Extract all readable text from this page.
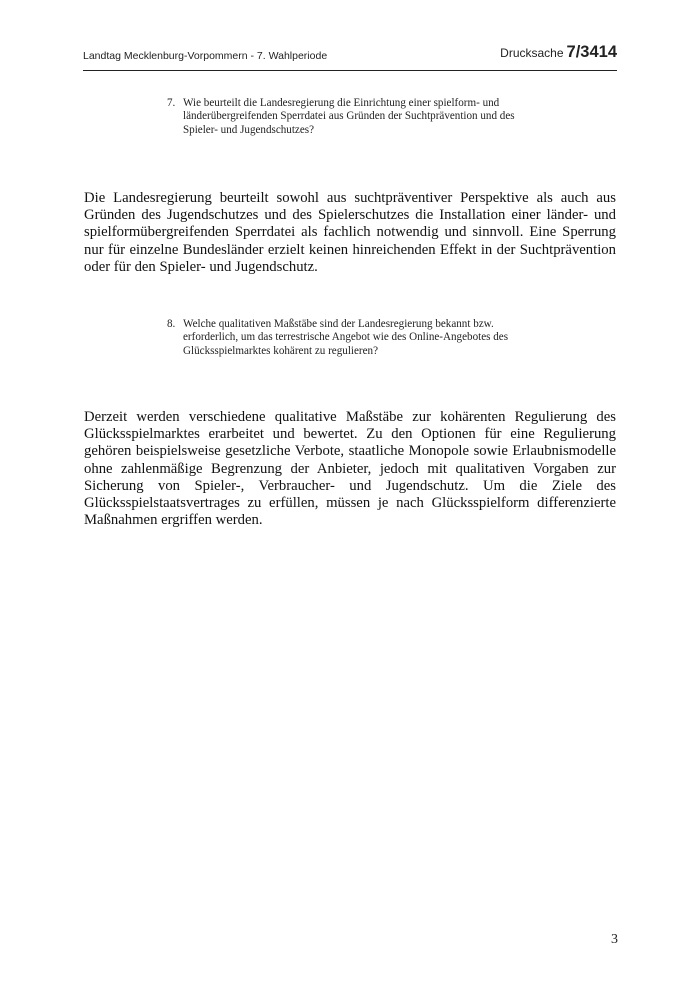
Landtag Mecklenburg-Vorpommern - 7. Wahlperiode	Drucksache 7/3414
7. Wie beurteilt die Landesregierung die Einrichtung einer spielform- und länderübergreifenden Sperrdatei aus Gründen der Suchtprävention und des Spieler- und Jugendschutzes?
Die Landesregierung beurteilt sowohl aus suchtpräventiver Perspektive als auch aus Gründen des Jugendschutzes und des Spielerschutzes die Installation einer länder- und spielformübergreifenden Sperrdatei als fachlich notwendig und sinnvoll. Eine Sperrung nur für einzelne Bundesländer erzielt keinen hinreichenden Effekt in der Suchtprävention oder für den Spieler- und Jugendschutz.
8. Welche qualitativen Maßstäbe sind der Landesregierung bekannt bzw. erforderlich, um das terrestrische Angebot wie des Online-Angebotes des Glücksspielmarktes kohärent zu regulieren?
Derzeit werden verschiedene qualitative Maßstäbe zur kohärenten Regulierung des Glücksspielmarktes erarbeitet und bewertet. Zu den Optionen für eine Regulierung gehören beispielsweise gesetzliche Verbote, staatliche Monopole sowie Erlaubnismodelle ohne zahlenmäßige Begrenzung der Anbieter, jedoch mit qualitativen Vorgaben zur Sicherung von Spieler-, Verbraucher- und Jugendschutz. Um die Ziele des Glücksspielstaatsvertrages zu erfüllen, müssen je nach Glücksspielform differenzierte Maßnahmen ergriffen werden.
3
